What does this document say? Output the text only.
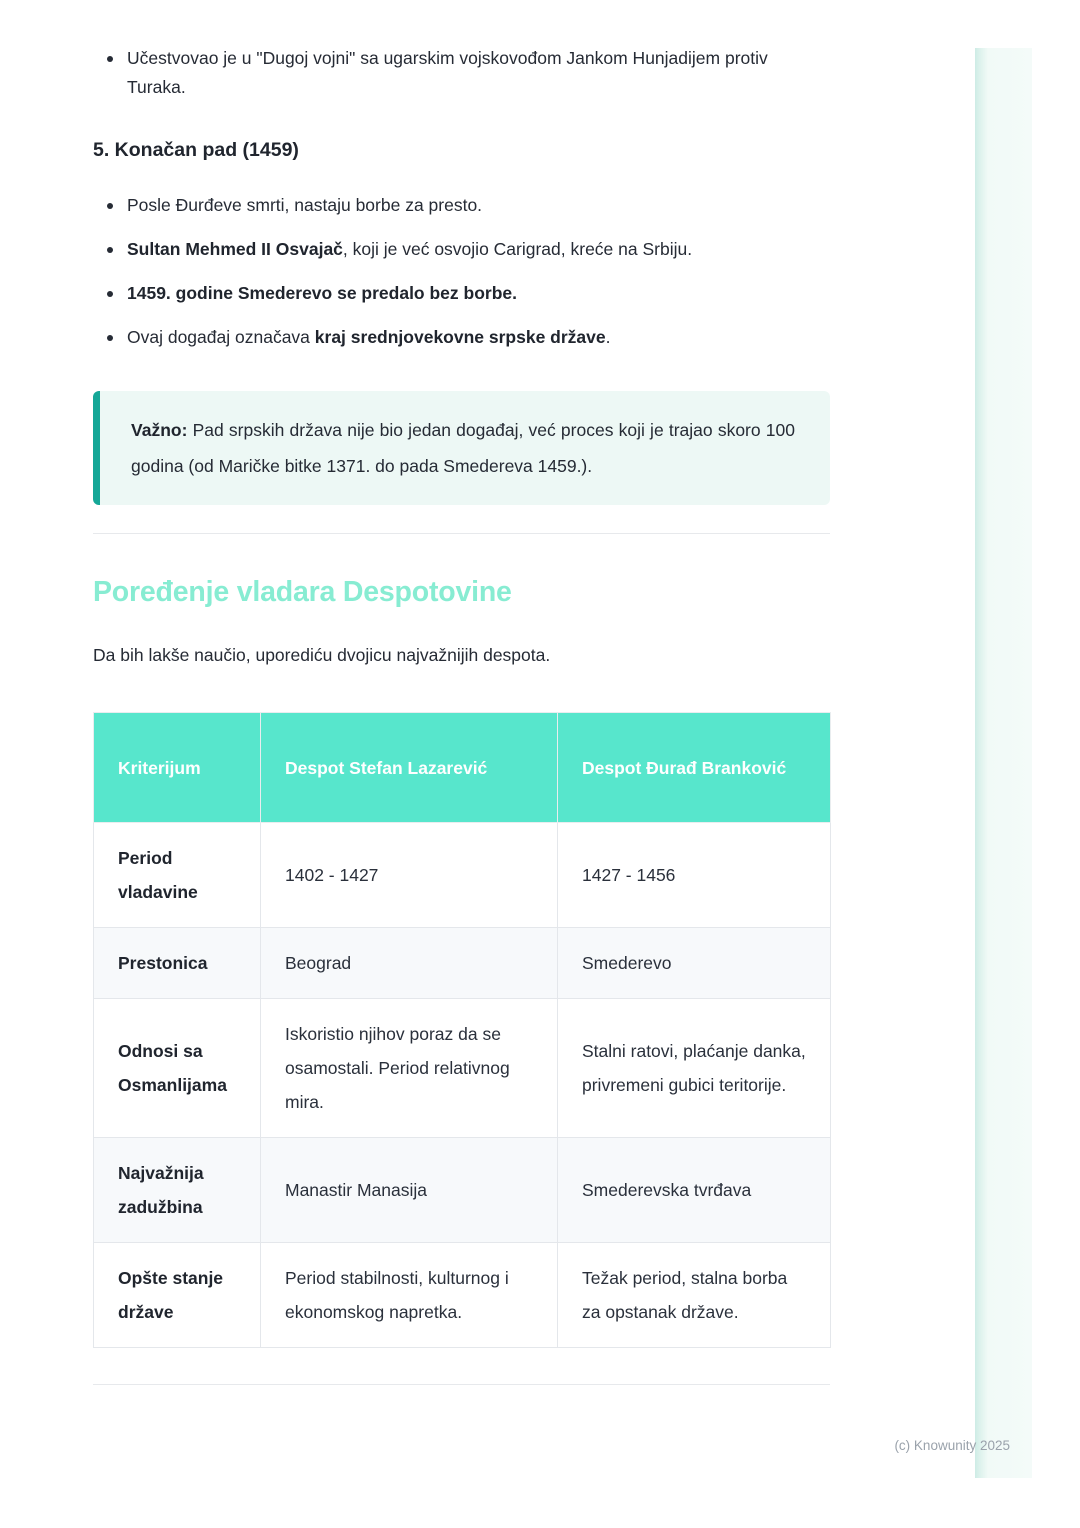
Učestvovao je u "Dugoj vojni" sa ugarskim vojskovođom Jankom Hunjadijem protiv Turaka.
5. Konačan pad (1459)
Posle Đurđeve smrti, nastaju borbe za presto.
Sultan Mehmed II Osvajač, koji je već osvojio Carigrad, kreće na Srbiju.
1459. godine Smederevo se predalo bez borbe.
Ovaj događaj označava kraj srednjovekovne srpske države.
Važno: Pad srpskih država nije bio jedan događaj, već proces koji je trajao skoro 100 godina (od Maričke bitke 1371. do pada Smedereva 1459.).
Poređenje vladara Despotovine

Da bih lakše naučio, uporediću dvojicu najvažnijih despota.

Kriterijum	Despot Stefan Lazarević	Despot Đurađ Branković
Period vladavine	1402 - 1427	1427 - 1456
Prestonica	Beograd	Smederevo
Odnosi sa Osmanlijama	Iskoristio njihov poraz da se osamostali. Period relativnog mira.	Stalni ratovi, plaćanje danka, privremeni gubici teritorije.
Najvažnija zadužbina	Manastir Manasija	Smederevska tvrđava
Opšte stanje države	Period stabilnosti, kulturnog i ekonomskog napretka.	Težak period, stalna borba za opstanak države.
(c) Knowunity 2025
